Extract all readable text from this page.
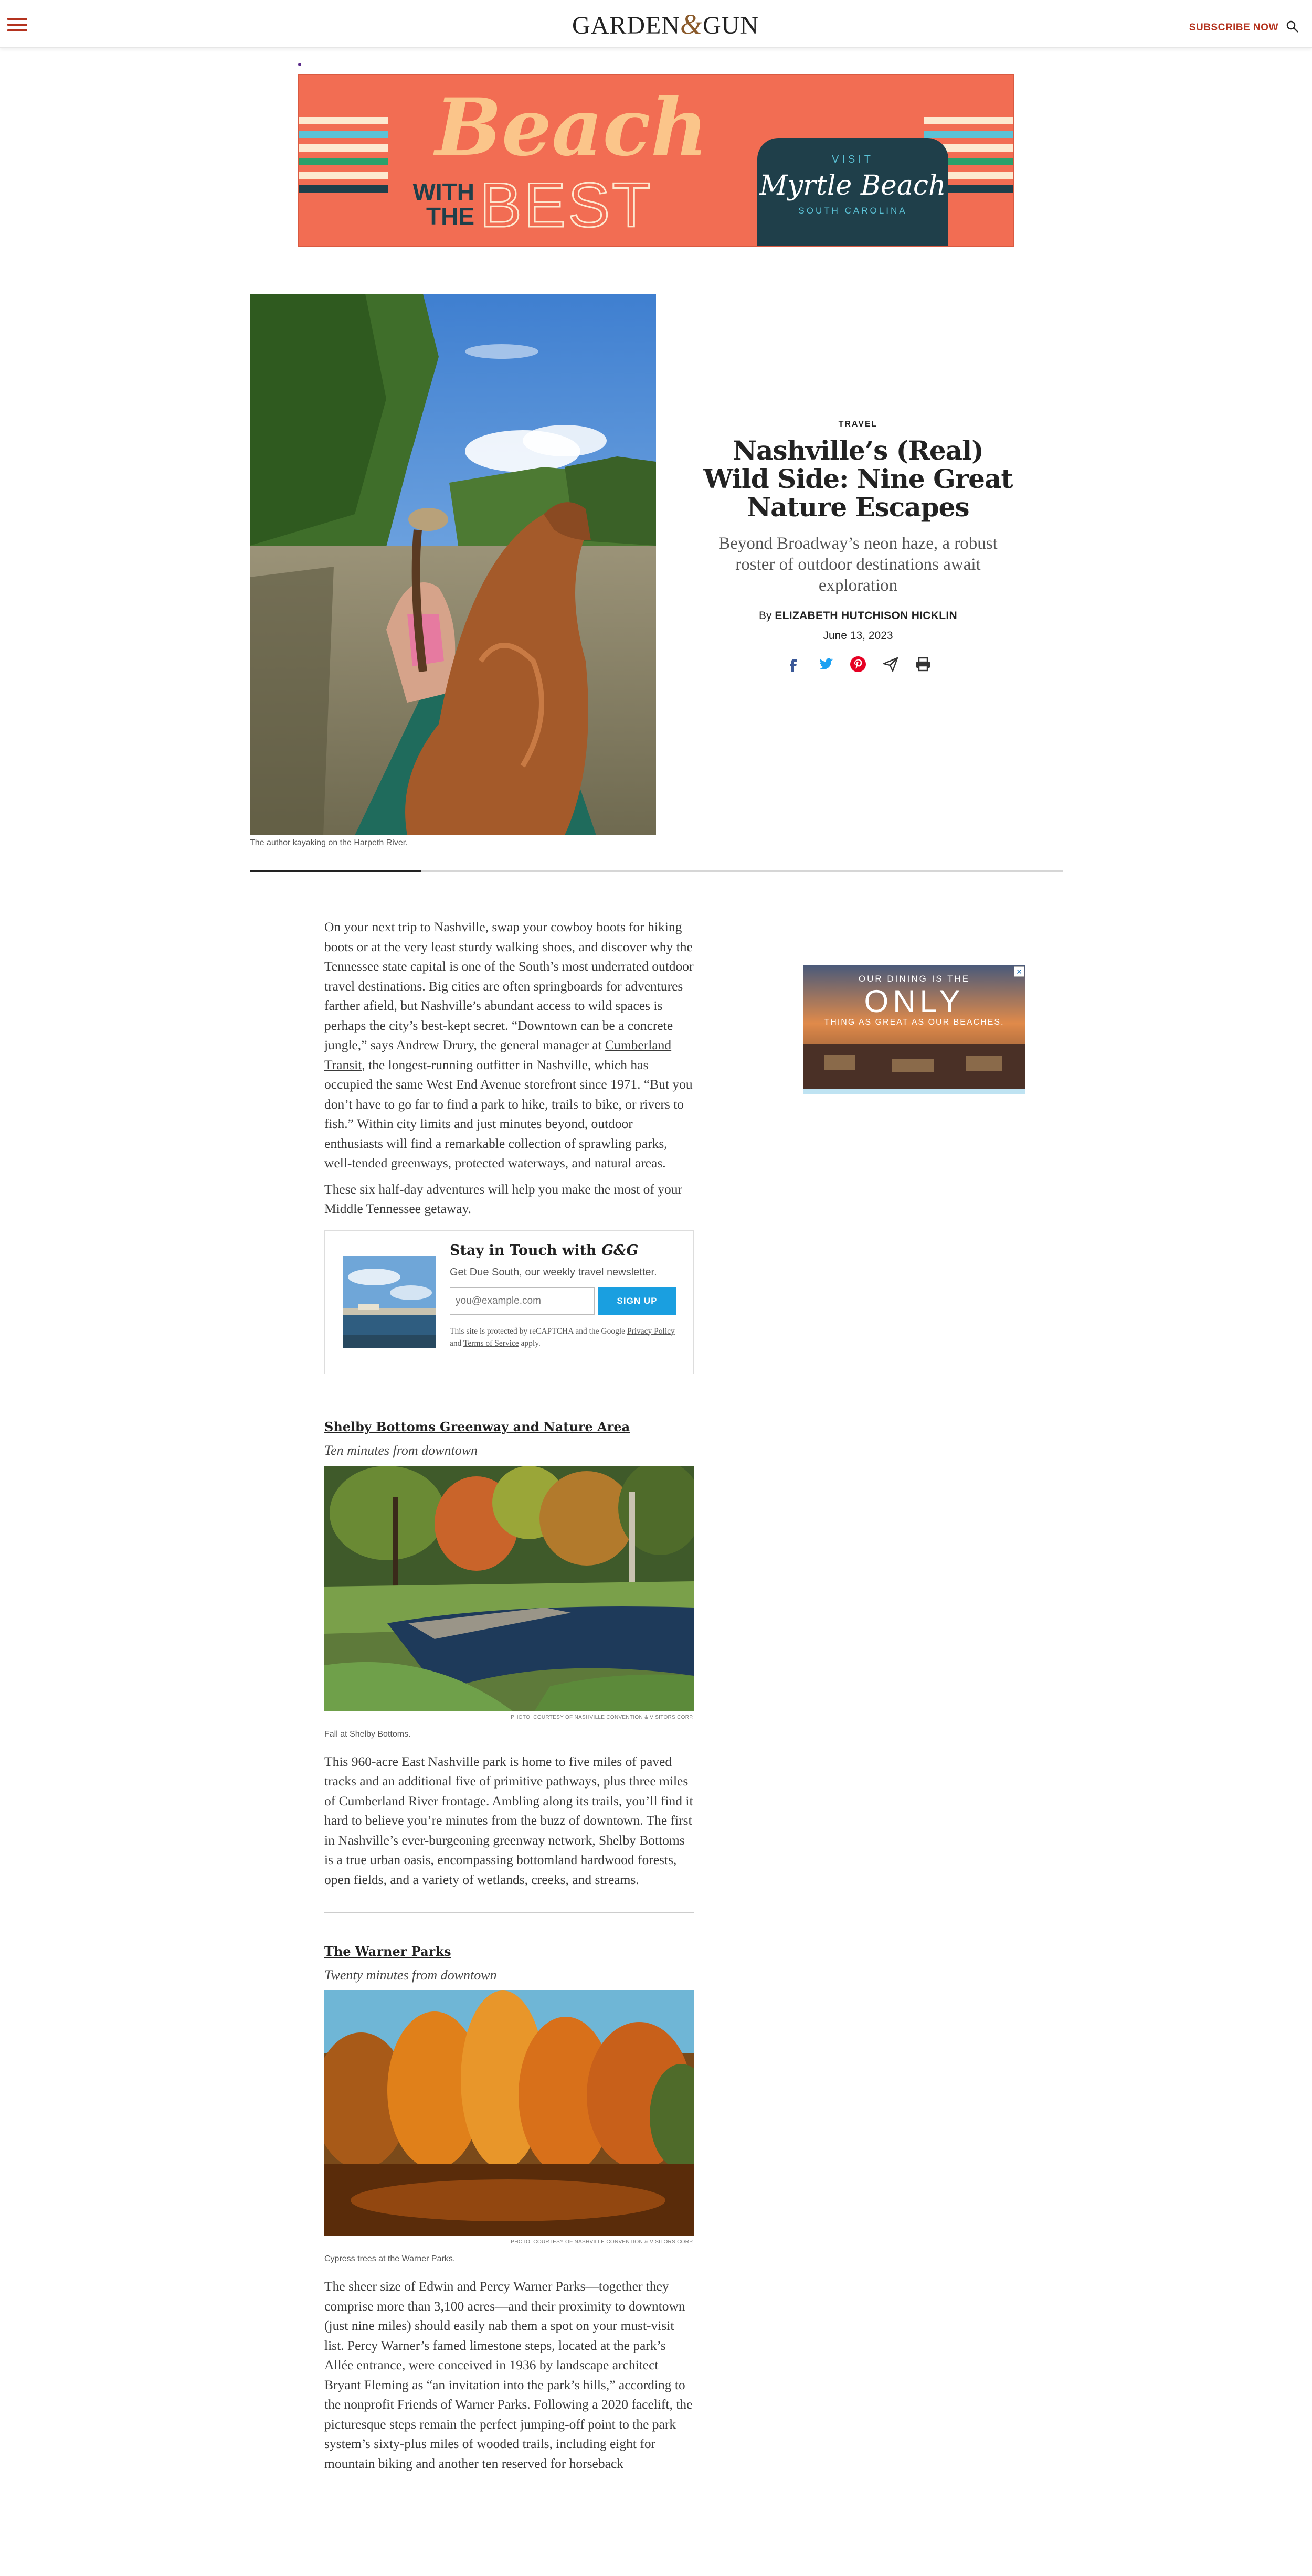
GARDEN&GUN	SUBSCRIBE NOW
Beach
WITH
THE BEST
VISIT
Myrtle Beach
SOUTH CAROLINA
The author kayaking on the Harpeth River.
TRAVEL
Nashville’s (Real) Wild Side: Nine Great Nature Escapes
Beyond Broadway’s neon haze, a robust roster of outdoor destinations await exploration
By ELIZABETH HUTCHISON HICKLIN
June 13, 2023

On your next trip to Nashville, swap your cowboy boots for hiking boots or at the very least sturdy walking shoes, and discover why the Tennessee state capital is one of the South’s most underrated outdoor travel destinations. Big cities are often springboards for adventures farther afield, but Nashville’s abundant access to wild spaces is perhaps the city’s best-kept secret. “Downtown can be a concrete jungle,” says Andrew Drury, the general manager at Cumberland Transit, the longest-running outfitter in Nashville, which has occupied the same West End Avenue storefront since 1971. “But you don’t have to go far to find a park to hike, trails to bike, or rivers to fish.” Within city limits and just minutes beyond, outdoor enthusiasts will find a remarkable collection of sprawling parks, well-tended greenways, protected waterways, and natural areas.

These six half-day adventures will help you make the most of your Middle Tennessee getaway.

Stay in Touch with G&G
Get Due South, our weekly travel newsletter.
you@example.com
SIGN UP
This site is protected by reCAPTCHA and the Google Privacy Policy and Terms of Service apply.
Shelby Bottoms Greenway and Nature Area
Ten minutes from downtown
PHOTO: COURTESY OF NASHVILLE CONVENTION & VISITORS CORP.
Fall at Shelby Bottoms.

This 960-acre East Nashville park is home to five miles of paved tracks and an additional five of primitive pathways, plus three miles of Cumberland River frontage. Ambling along its trails, you’ll find it hard to believe you’re minutes from the buzz of downtown. The first in Nashville’s ever-burgeoning greenway network, Shelby Bottoms is a true urban oasis, encompassing bottomland hardwood forests, open fields, and a variety of wetlands, creeks, and streams.

The Warner Parks
Twenty minutes from downtown
PHOTO: COURTESY OF NASHVILLE CONVENTION & VISITORS CORP.
Cypress trees at the Warner Parks.

The sheer size of Edwin and Percy Warner Parks—together they comprise more than 3,100 acres—and their proximity to downtown (just nine miles) should easily nab them a spot on your must-visit list. Percy Warner’s famed limestone steps, located at the park’s Allée entrance, were conceived in 1936 by landscape architect Bryant Fleming as “an invitation into the park’s hills,” according to the nonprofit Friends of Warner Parks. Following a 2020 facelift, the picturesque steps remain the perfect jumping-off point to the park system’s sixty-plus miles of wooded trails, including eight for mountain biking and another ten reserved for horseback

OUR DINING IS THE
ONLY
THING AS GREAT AS OUR BEACHES.
✕
